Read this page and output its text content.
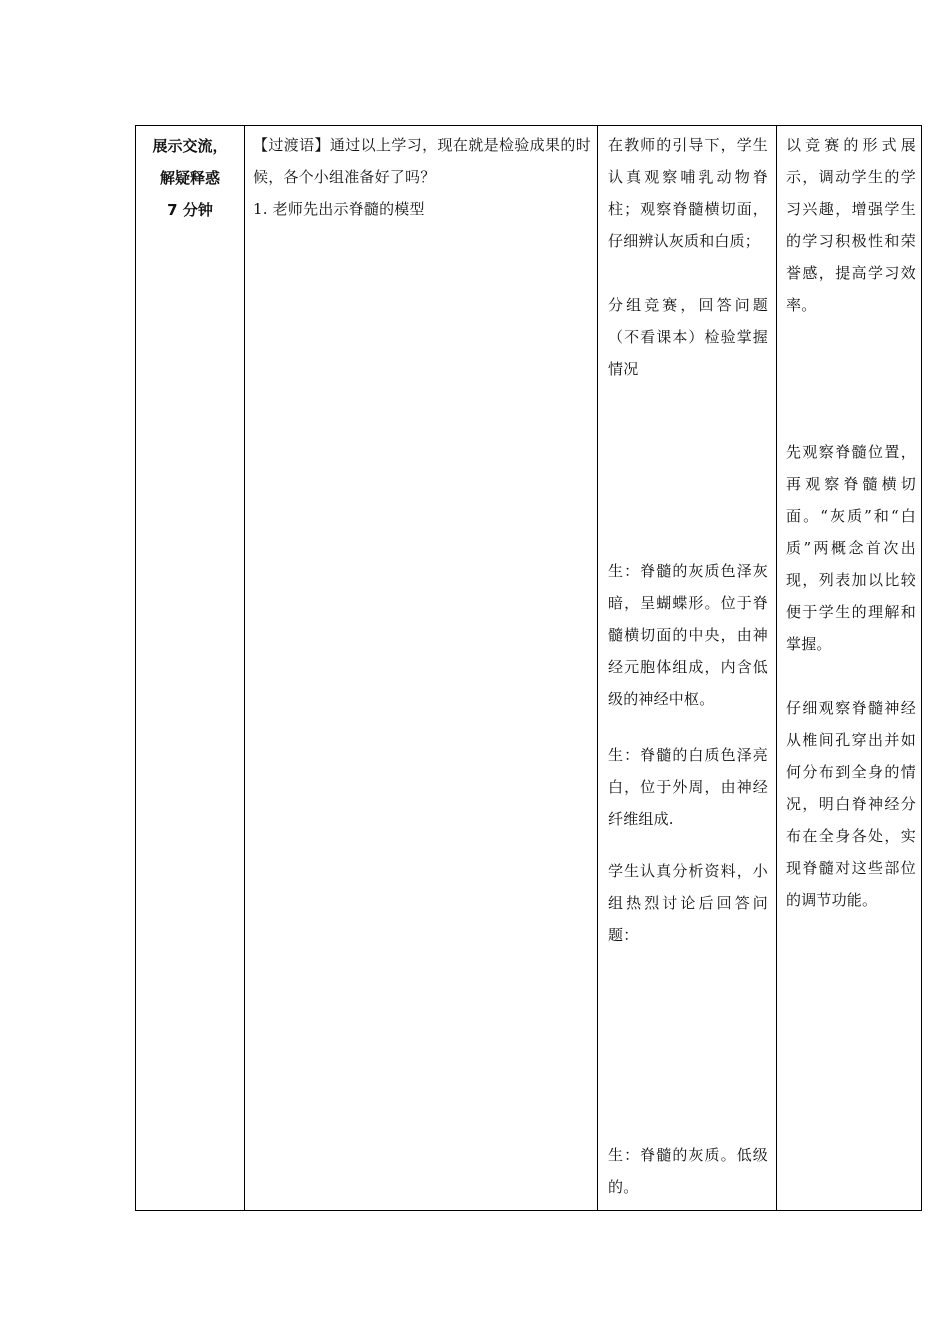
展示交流，
解疑释惑
7 分钟

【过渡语】通过以上学习，现在就是检验成果的时候，各个小组准备好了吗？

1. 老师先出示脊髓的模型

在教师的引导下，学生认真观察哺乳动物脊柱；观察脊髓横切面，仔细辨认灰质和白质；

分组竞赛，回答问题（不看课本）检验掌握情况

生：脊髓的灰质色泽灰暗，呈蝴蝶形。位于脊髓横切面的中央，由神经元胞体组成，内含低级的神经中枢。

生：脊髓的白质色泽亮白，位于外周，由神经纤维组成.

学生认真分析资料，小组热烈讨论后回答问题：

生：脊髓的灰质。低级的。

以竞赛的形式展示，调动学生的学习兴趣，增强学生的学习积极性和荣誉感，提高学习效率。

先观察脊髓位置，再观察脊髓横切面。“灰质”和“白质”两概念首次出现，列表加以比较便于学生的理解和掌握。

仔细观察脊髓神经从椎间孔穿出并如何分布到全身的情况，明白脊神经分布在全身各处，实现脊髓对这些部位的调节功能。
